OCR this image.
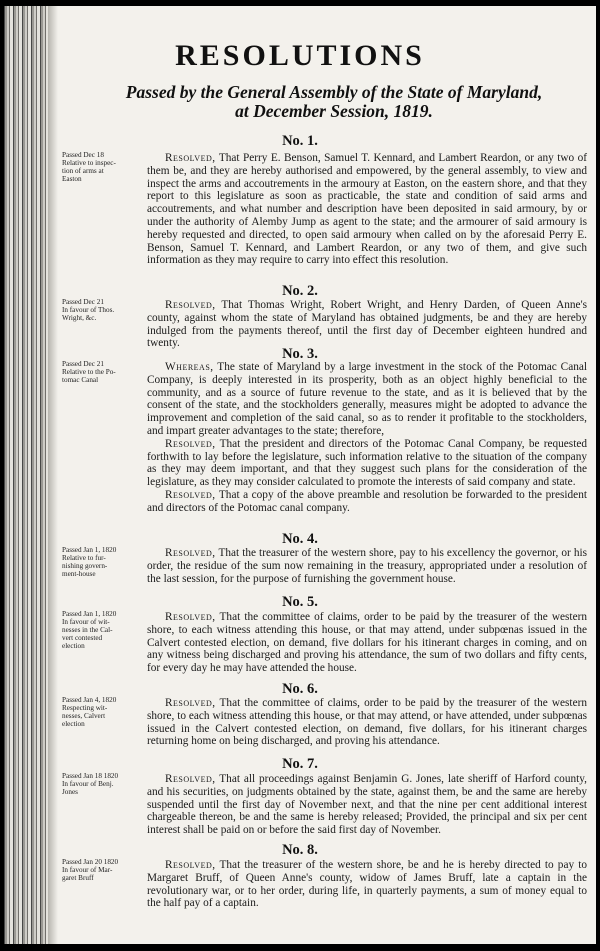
RESOLUTIONS
Passed by the General Assembly of the State of Maryland,
at December Session, 1819.
No. 1.
Passed Dec 18
Relative to inspec-
tion of arms at
Easton

Resolved, That Perry E. Benson, Samuel T. Kennard, and Lambert Reardon, or any two of them be, and they are hereby authorised and empowered, by the general assembly, to view and inspect the arms and accoutrements in the armoury at Easton, on the eastern shore, and that they report to this legislature as soon as practicable, the state and condition of said arms and accoutrements, and what number and description have been deposited in said armoury, by or under the authority of Alemby Jump as agent to the state; and the armourer of said armoury is hereby requested and directed, to open said armoury when called on by the aforesaid Perry E. Benson, Samuel T. Kennard, and Lambert Reardon, or any two of them, and give such information as they may require to carry into effect this resolution.

No. 2.
Passed Dec 21
In favour of Thos.
Wright, &c.

Resolved, That Thomas Wright, Robert Wright, and Henry Darden, of Queen Anne's county, against whom the state of Maryland has obtained judgments, be and they are hereby indulged from the payments thereof, until the first day of December eighteen hundred and twenty.

No. 3.
Passed Dec 21
Relative to the Po-
tomac Canal

Whereas, The state of Maryland by a large investment in the stock of the Potomac Canal Company, is deeply interested in its prosperity, both as an object highly beneficial to the community, and as a source of future revenue to the state, and as it is believed that by the consent of the state, and the stockholders generally, measures might be adopted to advance the improvement and completion of the said canal, so as to render it profitable to the stockholders, and impart greater advantages to the state; therefore,

Resolved, That the president and directors of the Potomac Canal Company, be requested forthwith to lay before the legislature, such information relative to the situation of the company as they may deem important, and that they suggest such plans for the consideration of the legislature, as they may consider calculated to promote the interests of said company and state.

Resolved, That a copy of the above preamble and resolution be forwarded to the president and directors of the Potomac canal company.

No. 4.
Passed Jan 1, 1820
Relative to fur-
nishing govern-
ment-house

Resolved, That the treasurer of the western shore, pay to his excellency the governor, or his order, the residue of the sum now remaining in the treasury, appropriated under a resolution of the last session, for the purpose of furnishing the government house.

No. 5.
Passed Jan 1, 1820
In favour of wit-
nesses in the Cal-
vert contested
election

Resolved, That the committee of claims, order to be paid by the treasurer of the western shore, to each witness attending this house, or that may attend, under subpœnas issued in the Calvert contested election, on demand, five dollars for his itinerant charges in coming, and on any witness being discharged and proving his attendance, the sum of two dollars and fifty cents, for every day he may have attended the house.

No. 6.
Passed Jan 4, 1820
Respecting wit-
nesses, Calvert
election

Resolved, That the committee of claims, order to be paid by the treasurer of the western shore, to each witness attending this house, or that may attend, or have attended, under subpœnas issued in the Calvert contested election, on demand, five dollars, for his itinerant charges returning home on being discharged, and proving his attendance.

No. 7.
Passed Jan 18 1820
In favour of Benj.
Jones

Resolved, That all proceedings against Benjamin G. Jones, late sheriff of Harford county, and his securities, on judgments obtained by the state, against them, be and the same are hereby suspended until the first day of November next, and that the nine per cent additional interest chargeable thereon, be and the same is hereby released; Provided, the principal and six per cent interest shall be paid on or before the said first day of November.

No. 8.
Passed Jan 20 1820
In favour of Mar-
garet Bruff

Resolved, That the treasurer of the western shore, be and he is hereby directed to pay to Margaret Bruff, of Queen Anne's county, widow of James Bruff, late a captain in the revolutionary war, or to her order, during life, in quarterly payments, a sum of money equal to the half pay of a captain.
